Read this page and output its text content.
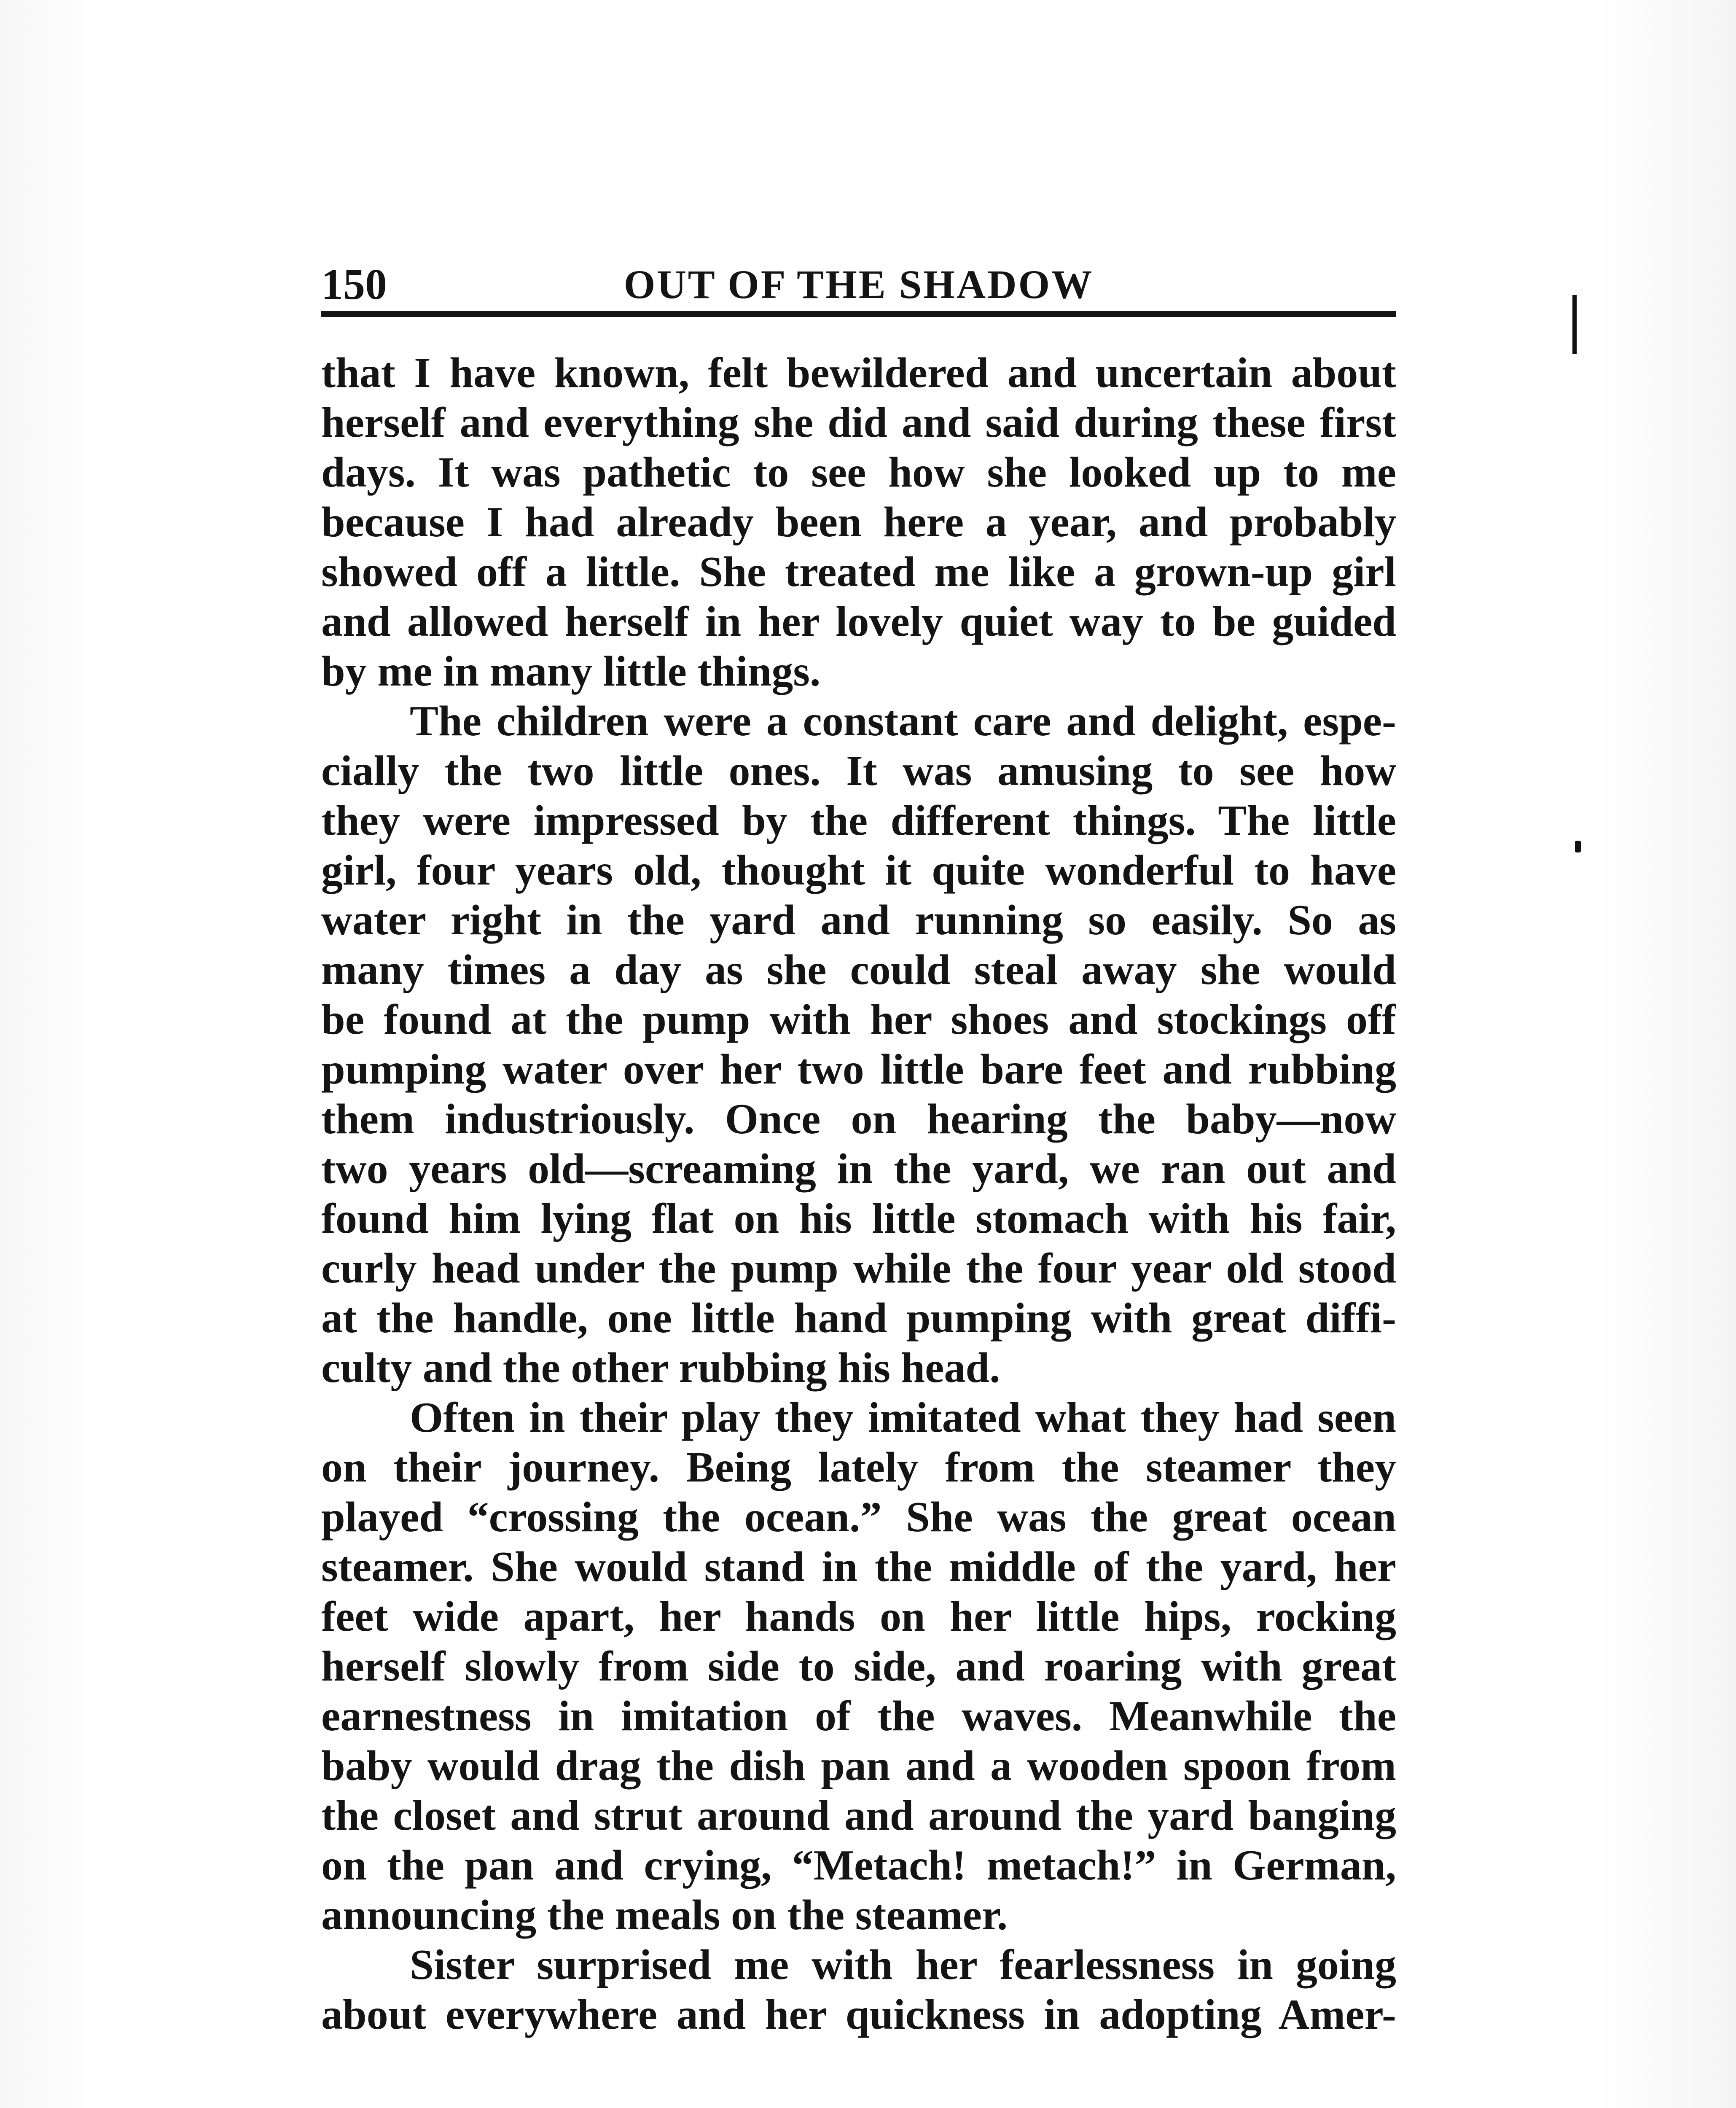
150	OUT OF THE SHADOW
that I have known, felt bewildered and uncertain about
herself and everything she did and said during these first
days. It was pathetic to see how she looked up to me
because I had already been here a year, and probably
showed off a little. She treated me like a grown-up girl
and allowed herself in her lovely quiet way to be guided
by me in many little things.
The children were a constant care and delight, espe-
cially the two little ones. It was amusing to see how
they were impressed by the different things. The little
girl, four years old, thought it quite wonderful to have
water right in the yard and running so easily. So as
many times a day as she could steal away she would
be found at the pump with her shoes and stockings off
pumping water over her two little bare feet and rubbing
them industriously. Once on hearing the baby—now
two years old—screaming in the yard, we ran out and
found him lying flat on his little stomach with his fair,
curly head under the pump while the four year old stood
at the handle, one little hand pumping with great diffi-
culty and the other rubbing his head.
Often in their play they imitated what they had seen
on their journey. Being lately from the steamer they
played “crossing the ocean.” She was the great ocean
steamer. She would stand in the middle of the yard, her
feet wide apart, her hands on her little hips, rocking
herself slowly from side to side, and roaring with great
earnestness in imitation of the waves. Meanwhile the
baby would drag the dish pan and a wooden spoon from
the closet and strut around and around the yard banging
on the pan and crying, “Metach! metach!” in German,
announcing the meals on the steamer.
Sister surprised me with her fearlessness in going
about everywhere and her quickness in adopting Amer-
